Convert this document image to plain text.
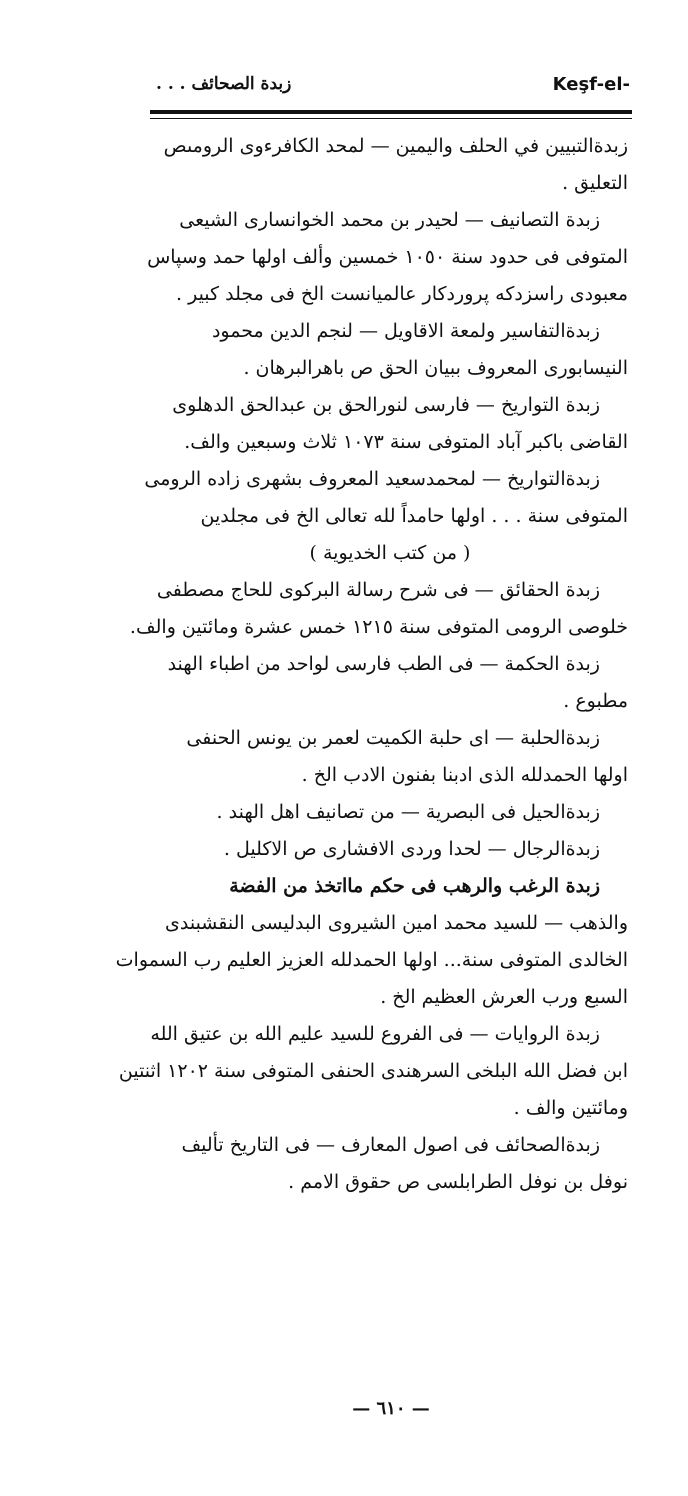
زبدة الصحائف . . .	Keşf-el-
زبدةالتبيين في الحلف واليمين — لمحد الكافرءوى الرومىص
التعليق .
زبدة التصانيف — لحيدر بن محمد الخوانسارى الشيعى
المتوفى فى حدود سنة ١٠٥٠ خمسين وألف اولها حمد وسپاس
معبودى راسزدكه پروردكار عالميانست الخ فى مجلد كبير .
زبدةالتفاسير ولمعة الاقاويل — لنجم الدين محمود
النيسابورى المعروف ببيان الحق ص باهرالبرهان .
زبدة التواريخ — فارسى لنورالحق بن عبدالحق الدهلوى
القاضى باكبر آباد المتوفى سنة ١٠٧٣ ثلاث وسبعين والف.
زبدةالتواريخ — لمحمدسعيد المعروف بشهرى زاده الرومى
المتوفى سنة . . . اولها حامداً لله تعالى الخ فى مجلدين
( من كتب الخديوية )
زبدة الحقائق — فى شرح رسالة البركوى للحاج مصطفى
خلوصى الرومى المتوفى سنة ١٢١٥ خمس عشرة ومائتين والف.
زبدة الحكمة — فى الطب فارسى لواحد من اطباء الهند
مطبوع .
زبدةالحلبة — اى حلبة الكميت لعمر بن يونس الحنفى
اولها الحمدلله الذى ادبنا بفنون الادب الخ .
زبدةالحيل فى البصرية — من تصانيف اهل الهند .
زبدةالرجال — لحدا وردى الافشارى ص الاكليل .
زبدة الرغب والرهب فى حكم مااتخذ من الفضة
والذهب — للسيد محمد امين الشيروى البدليسى النقشبندى
الخالدى المتوفى سنة... اولها الحمدلله العزيز العليم رب السموات
السبع ورب العرش العظيم الخ .
زبدة الروايات — فى الفروع للسيد عليم الله بن عتيق الله
ابن فضل الله البلخى السرهندى الحنفى المتوفى سنة ١٢٠٢ اثنتين
ومائتين والف .
زبدةالصحائف فى اصول المعارف — فى التاريخ تأليف
نوفل بن نوفل الطرابلسى ص حقوق الامم .
— ٦١٠ —
